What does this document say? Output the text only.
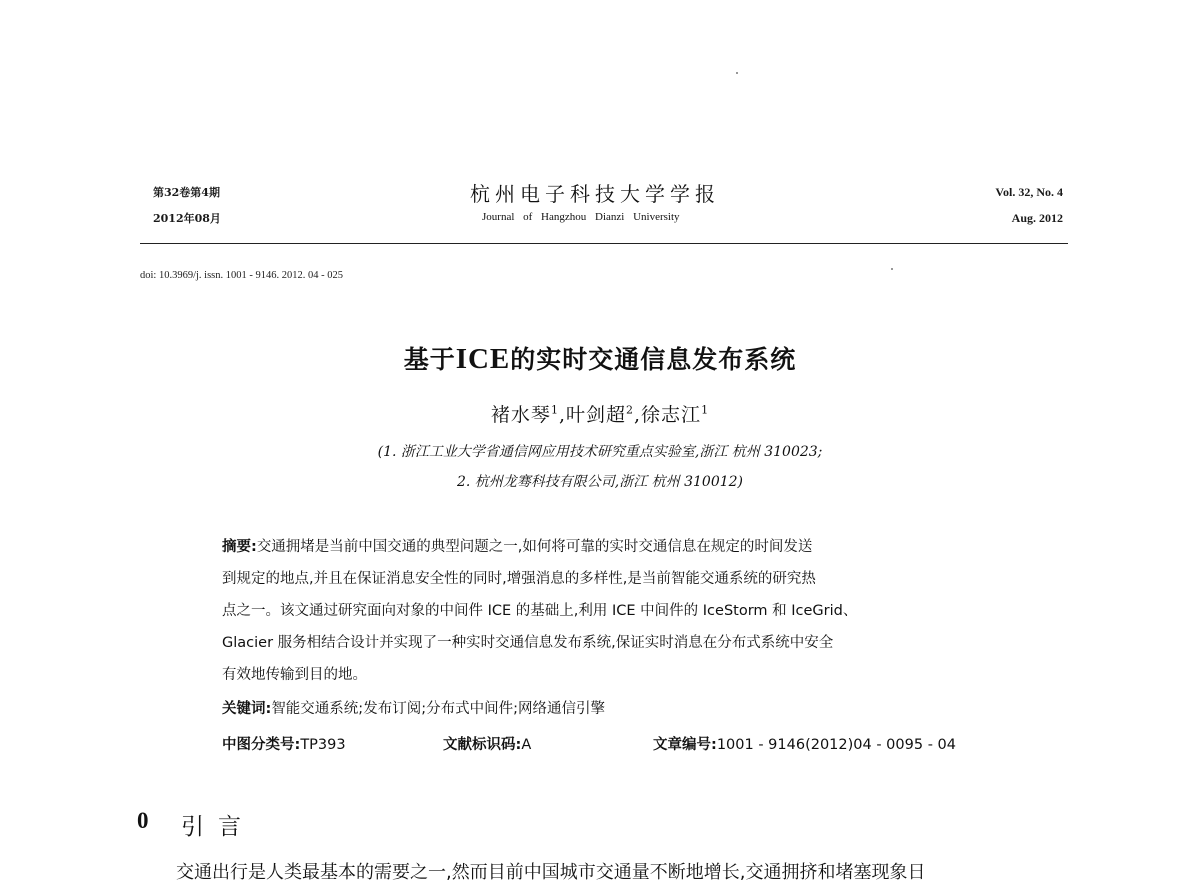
第32卷第4期
2012年08月
杭州电子科技大学学报
Journal of Hangzhou Dianzi University
Vol. 32, No. 4
Aug. 2012
doi: 10.3969/j. issn. 1001 - 9146. 2012. 04 - 025
基于ICE的实时交通信息发布系统
褚水琴$^1$,叶剑超$^2$,徐志江$^1$
(1. 浙江工业大学省通信网应用技术研究重点实验室,浙江 杭州 310023;
2. 杭州龙骞科技有限公司,浙江 杭州 310012)
摘要:交通拥堵是当前中国交通的典型问题之一,如何将可靠的实时交通信息在规定的时间发送
到规定的地点,并且在保证消息安全性的同时,增强消息的多样性,是当前智能交通系统的研究热
点之一。该文通过研究面向对象的中间件 ICE 的基础上,利用 ICE 中间件的 IceStorm 和 IceGrid、
Glacier 服务相结合设计并实现了一种实时交通信息发布系统,保证实时消息在分布式系统中安全
有效地传输到目的地。
关键词:智能交通系统;发布订阅;分布式中间件;网络通信引擎
中图分类号:TP393	文献标识码:A	文章编号:1001 - 9146(2012)04 - 0095 - 04
0 引言
交通出行是人类最基本的需要之一,然而目前中国城市交通量不断地增长,交通拥挤和堵塞现象日
